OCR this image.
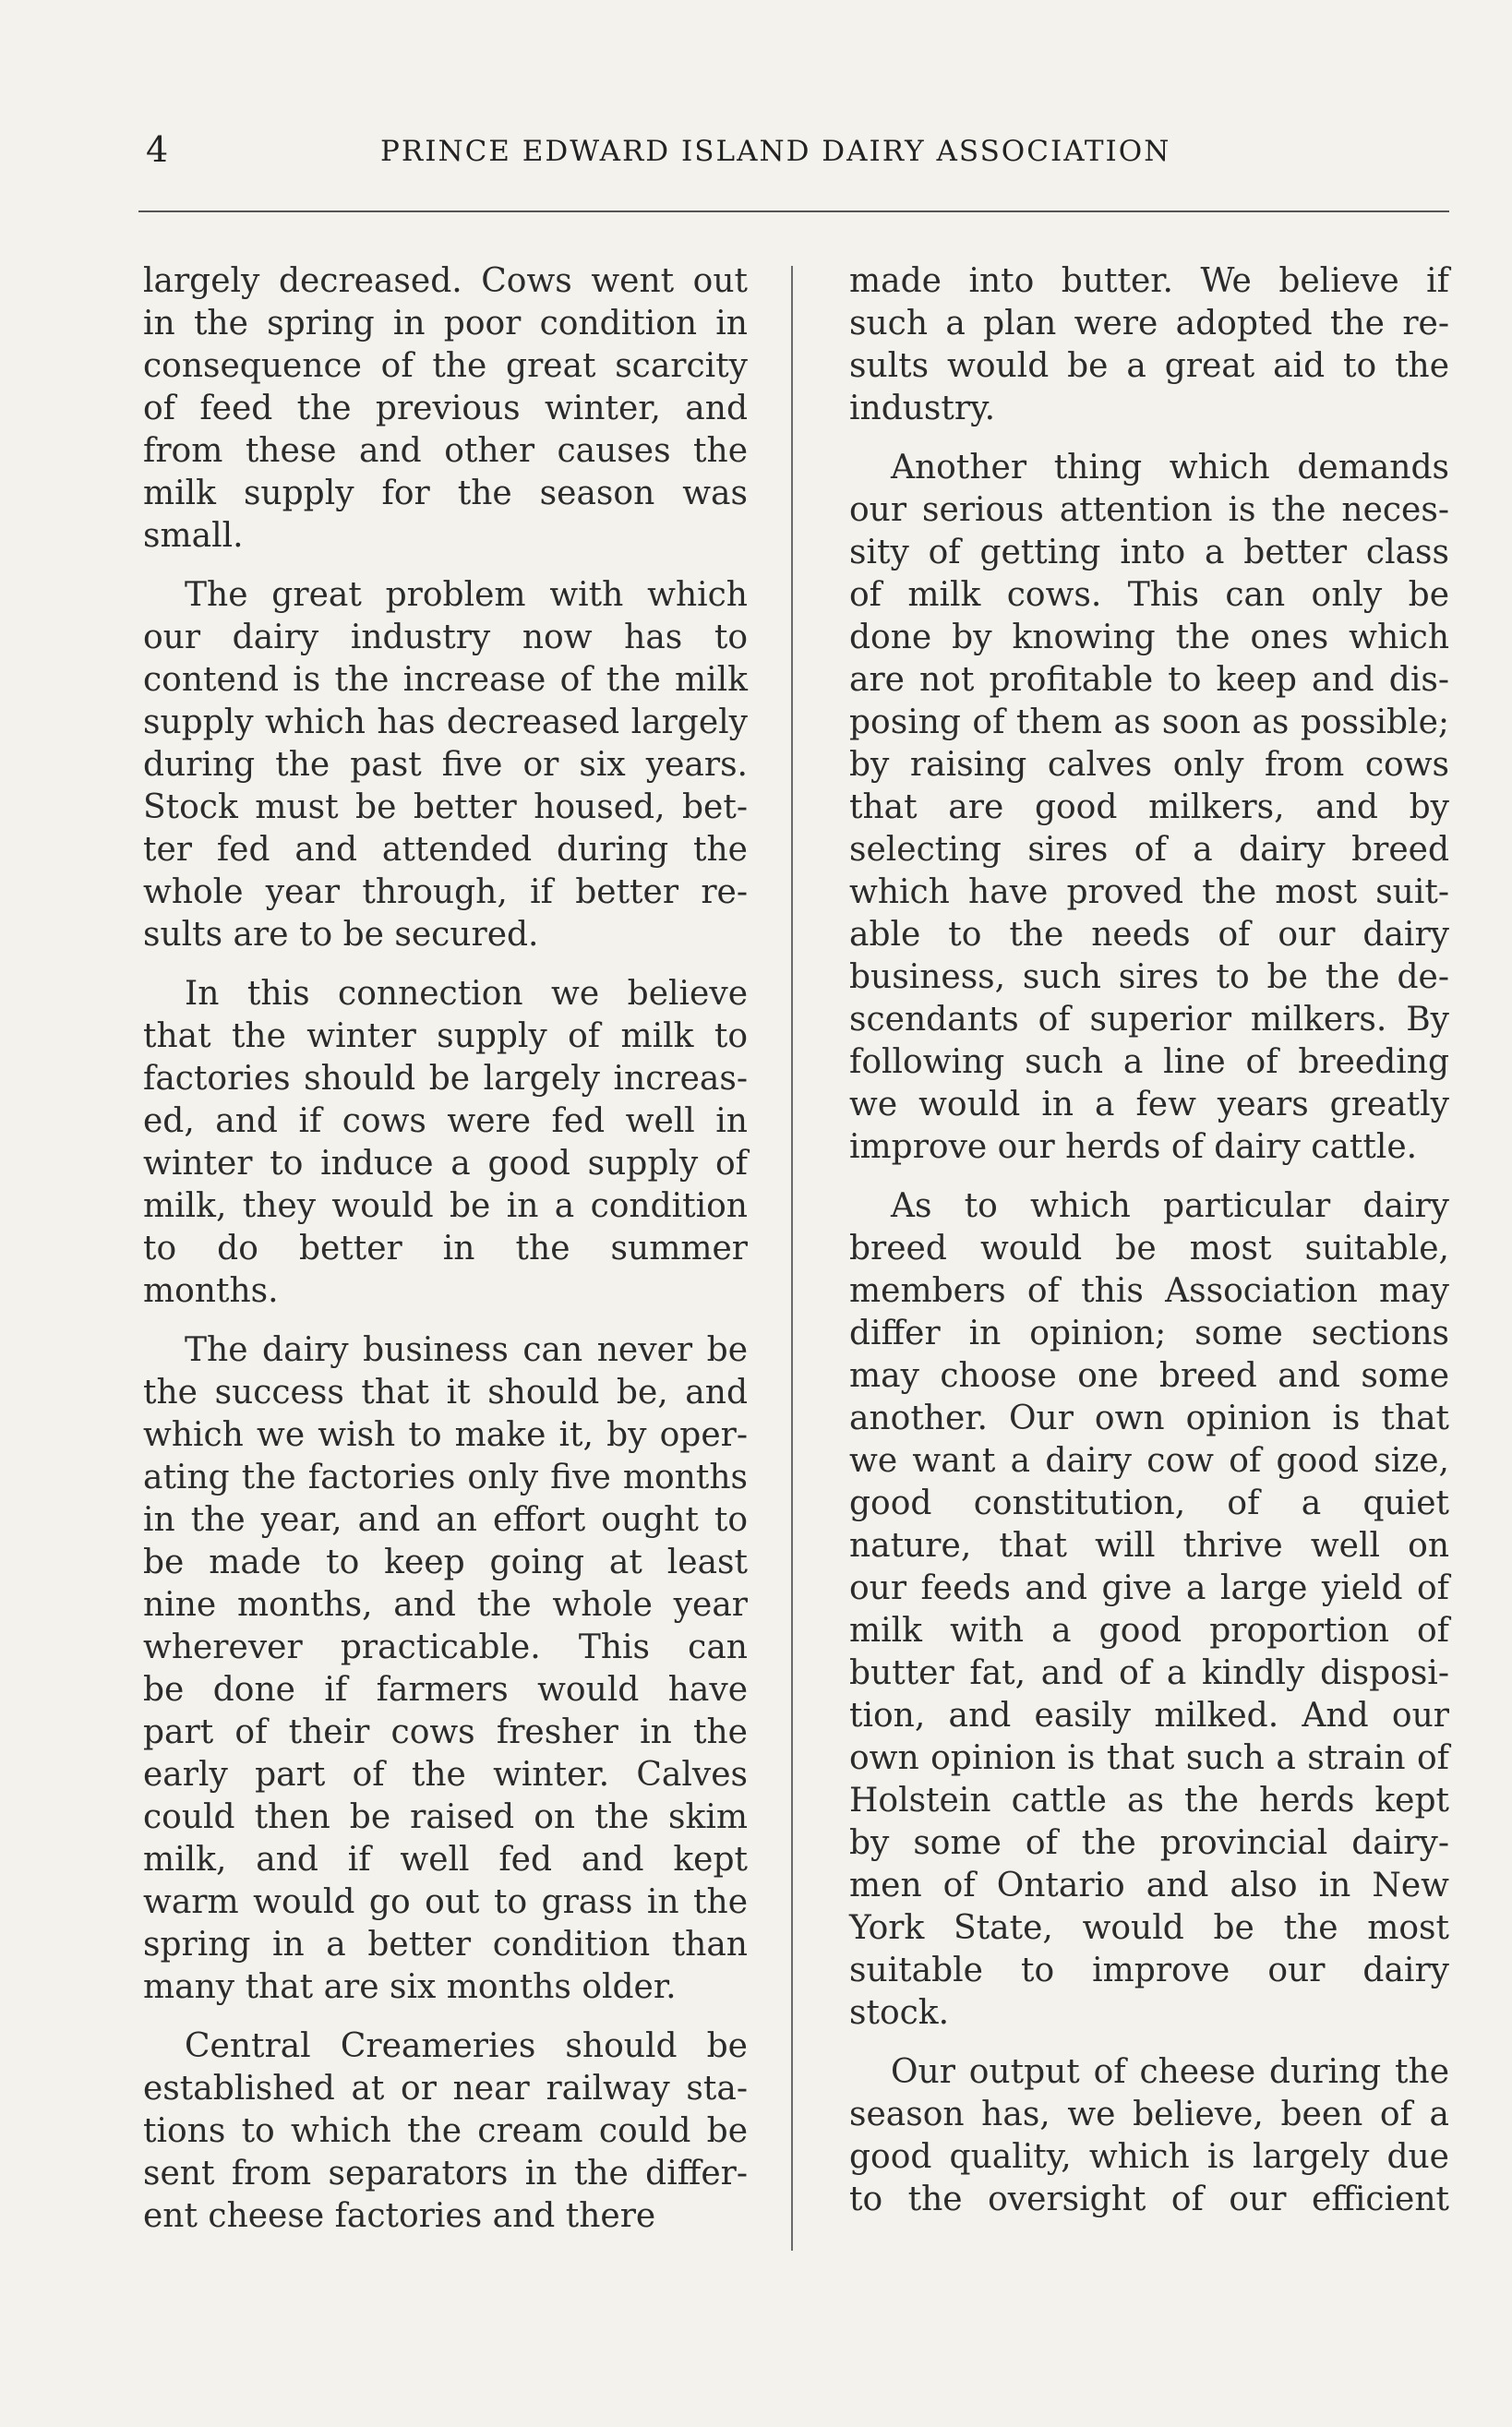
4	PRINCE EDWARD ISLAND DAIRY ASSOCIATION
largely decreased. Cows went out
in the spring in poor condition in
consequence of the great scarcity
of feed the previous winter, and
from these and other causes the
milk supply for the season was
small.
The great problem with which
our dairy industry now has to
contend is the increase of the milk
supply which has decreased largely
during the past five or six years.
Stock must be better housed, bet-
ter fed and attended during the
whole year through, if better re-
sults are to be secured.
In this connection we believe
that the winter supply of milk to
factories should be largely increas-
ed, and if cows were fed well in
winter to induce a good supply of
milk, they would be in a condition
to do better in the summer
months.
The dairy business can never be
the success that it should be, and
which we wish to make it, by oper-
ating the factories only five months
in the year, and an effort ought to
be made to keep going at least
nine months, and the whole year
wherever practicable. This can
be done if farmers would have
part of their cows fresher in the
early part of the winter. Calves
could then be raised on the skim
milk, and if well fed and kept
warm would go out to grass in the
spring in a better condition than
many that are six months older.
Central Creameries should be
established at or near railway sta-
tions to which the cream could be
sent from separators in the differ-
ent cheese factories and there
made into butter. We believe if
such a plan were adopted the re-
sults would be a great aid to the
industry.
Another thing which demands
our serious attention is the neces-
sity of getting into a better class
of milk cows. This can only be
done by knowing the ones which
are not profitable to keep and dis-
posing of them as soon as possible;
by raising calves only from cows
that are good milkers, and by
selecting sires of a dairy breed
which have proved the most suit-
able to the needs of our dairy
business, such sires to be the de-
scendants of superior milkers. By
following such a line of breeding
we would in a few years greatly
improve our herds of dairy cattle.
As to which particular dairy
breed would be most suitable,
members of this Association may
differ in opinion; some sections
may choose one breed and some
another. Our own opinion is that
we want a dairy cow of good size,
good constitution, of a quiet
nature, that will thrive well on
our feeds and give a large yield of
milk with a good proportion of
butter fat, and of a kindly disposi-
tion, and easily milked. And our
own opinion is that such a strain of
Holstein cattle as the herds kept
by some of the provincial dairy-
men of Ontario and also in New
York State, would be the most
suitable to improve our dairy
stock.
Our output of cheese during the
season has, we believe, been of a
good quality, which is largely due
to the oversight of our efficient
